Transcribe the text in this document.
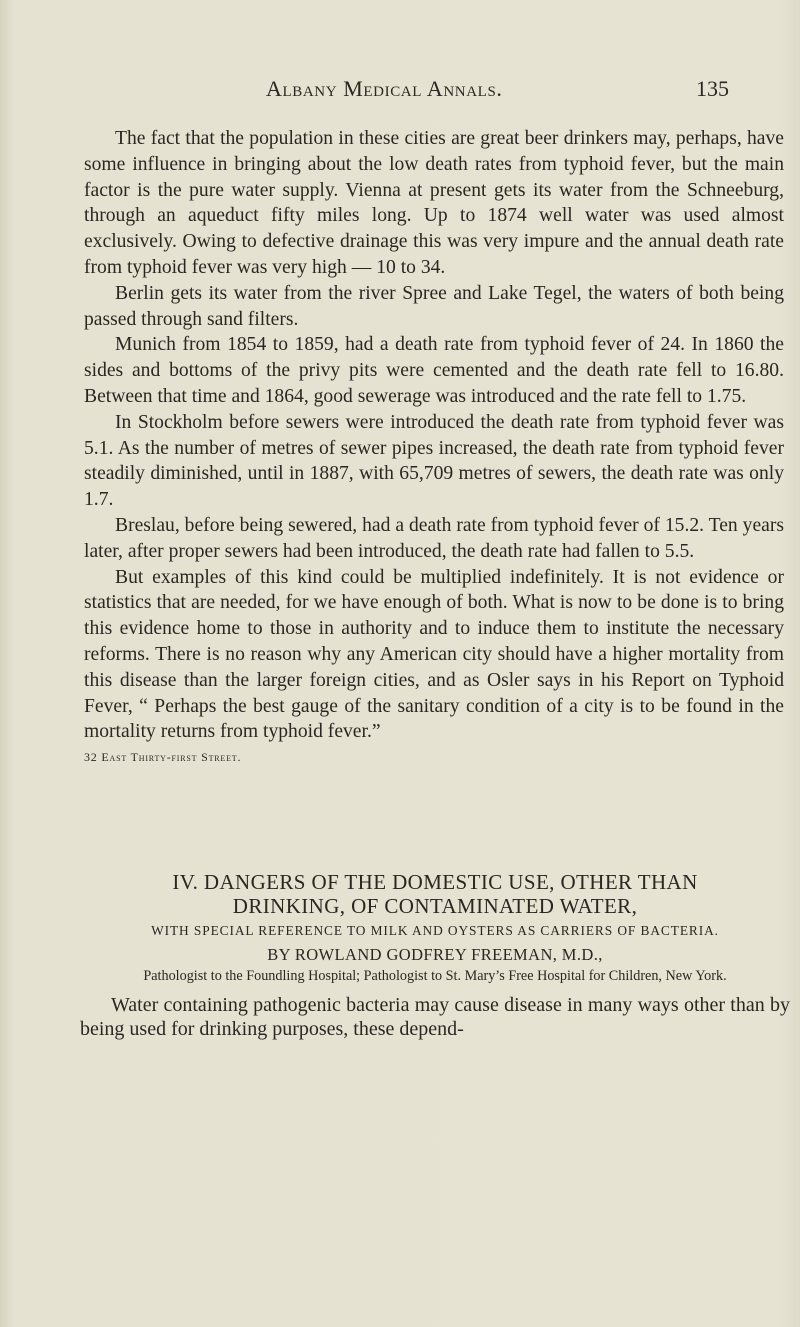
Albany Medical Annals.	135

The fact that the population in these cities are great beer drinkers may, perhaps, have some influence in bringing about the low death rates from typhoid fever, but the main factor is the pure water supply. Vienna at present gets its water from the Schneeburg, through an aqueduct fifty miles long. Up to 1874 well water was used almost exclusively. Owing to defective drainage this was very impure and the annual death rate from typhoid fever was very high — 10 to 34.

Berlin gets its water from the river Spree and Lake Tegel, the waters of both being passed through sand filters.

Munich from 1854 to 1859, had a death rate from typhoid fever of 24. In 1860 the sides and bottoms of the privy pits were cemented and the death rate fell to 16.80. Between that time and 1864, good sewerage was introduced and the rate fell to 1.75.

In Stockholm before sewers were introduced the death rate from typhoid fever was 5.1. As the number of metres of sewer pipes increased, the death rate from typhoid fever steadily diminished, until in 1887, with 65,709 metres of sewers, the death rate was only 1.7.

Breslau, before being sewered, had a death rate from typhoid fever of 15.2. Ten years later, after proper sewers had been introduced, the death rate had fallen to 5.5.

But examples of this kind could be multiplied indefinitely. It is not evidence or statistics that are needed, for we have enough of both. What is now to be done is to bring this evidence home to those in authority and to induce them to institute the necessary reforms. There is no reason why any American city should have a higher mortality from this disease than the larger foreign cities, and as Osler says in his Report on Typhoid Fever, “ Perhaps the best gauge of the sanitary condition of a city is to be found in the mortality returns from typhoid fever.”

32 East Thirty-first Street.

IV. DANGERS OF THE DOMESTIC USE, OTHER THAN
DRINKING, OF CONTAMINATED WATER,

WITH SPECIAL REFERENCE TO MILK AND OYSTERS AS CARRIERS OF BACTERIA.

BY ROWLAND GODFREY FREEMAN, M.D.,

Pathologist to the Foundling Hospital; Pathologist to St. Mary’s Free Hospital for Children, New York.

Water containing pathogenic bacteria may cause disease in many ways other than by being used for drinking purposes, these depend-
